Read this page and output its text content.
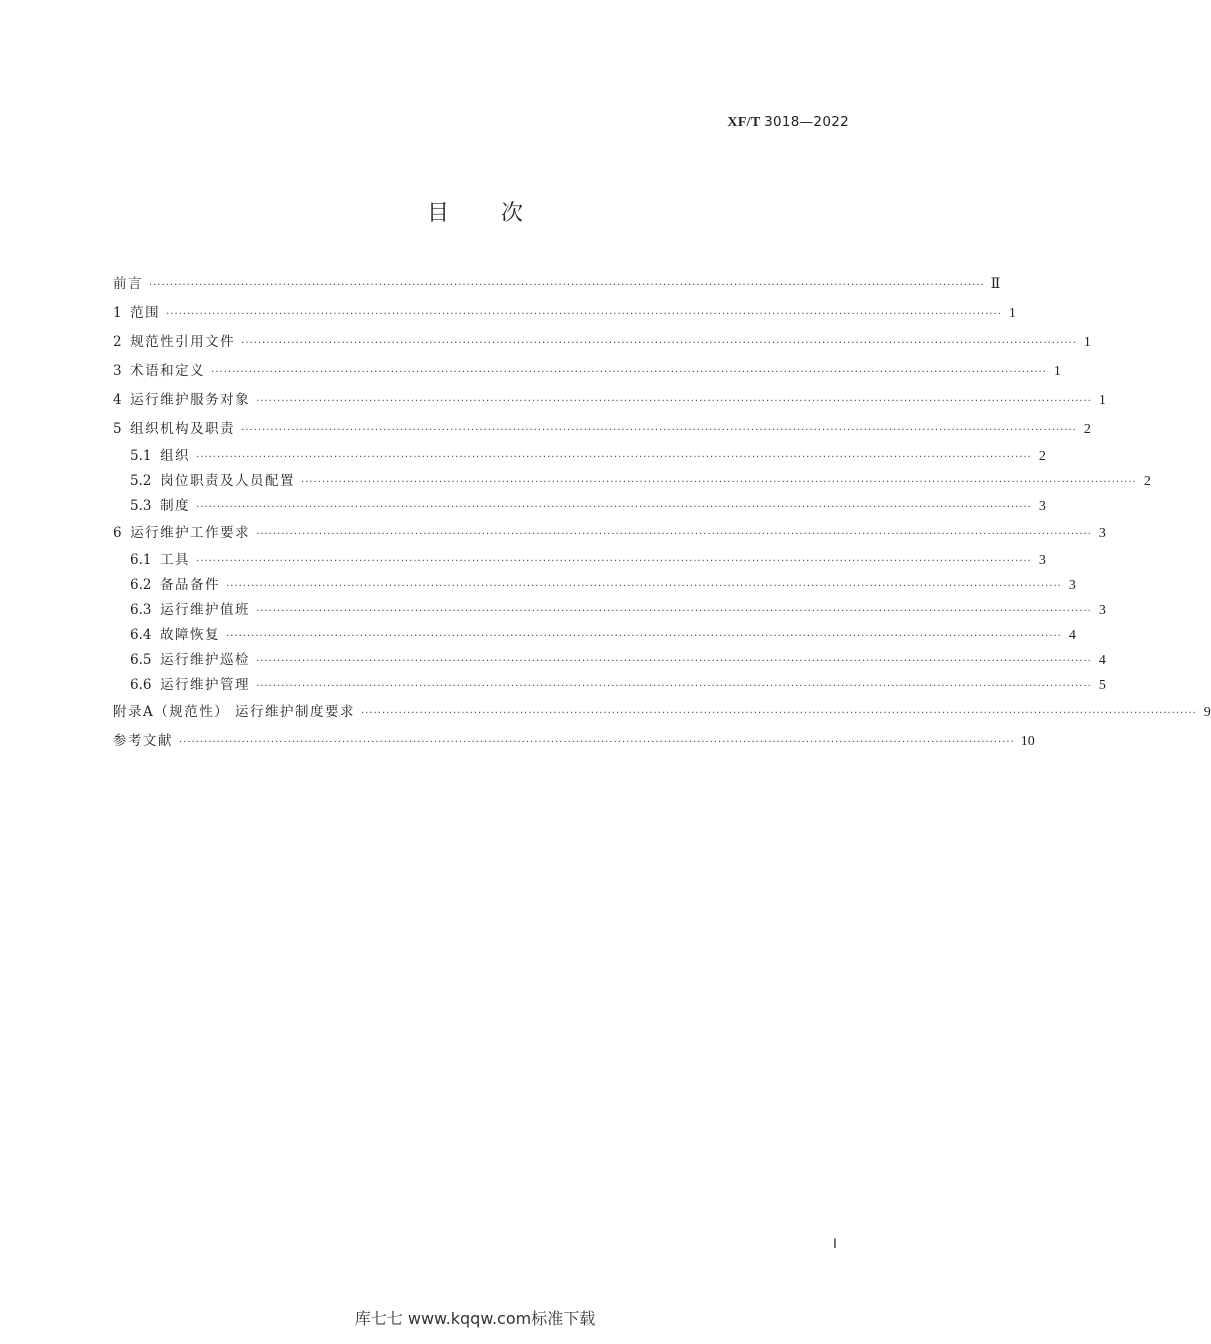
XF/T 3018—2022
目 次
前言 ········································································································································································································ Ⅱ
1 范围 ········································································································································································································ 1
2 规范性引用文件 ········································································································································································································ 1
3 术语和定义 ········································································································································································································ 1
4 运行维护服务对象 ········································································································································································································ 1
5 组织机构及职责 ········································································································································································································ 2
5.1 组织 ········································································································································································································ 2
5.2 岗位职责及人员配置 ········································································································································································································ 2
5.3 制度 ········································································································································································································ 3
6 运行维护工作要求 ········································································································································································································ 3
6.1 工具 ········································································································································································································ 3
6.2 备品备件 ········································································································································································································ 3
6.3 运行维护值班 ········································································································································································································ 3
6.4 故障恢复 ········································································································································································································ 4
6.5 运行维护巡检 ········································································································································································································ 4
6.6 运行维护管理 ········································································································································································································ 5
附录A（规范性） 运行维护制度要求 ········································································································································································································ 9
参考文献 ········································································································································································································ 10
Ⅰ
库七七 www.kqqw.com标准下载
